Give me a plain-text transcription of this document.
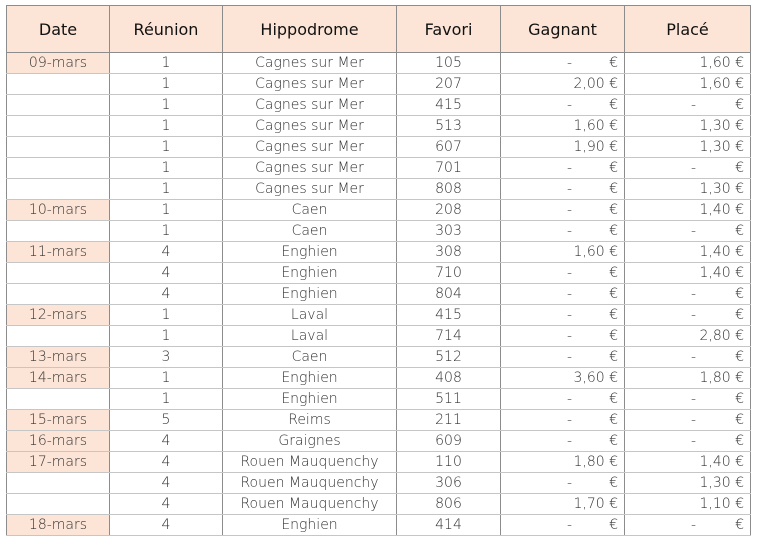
Date	Réunion	Hippodrome	Favori	Gagnant	Placé
09-mars	1	Cagnes sur Mer	105	- €	1,60 €
	1	Cagnes sur Mer	207	2,00 €	1,60 €
	1	Cagnes sur Mer	415	- €	- €
	1	Cagnes sur Mer	513	1,60 €	1,30 €
	1	Cagnes sur Mer	607	1,90 €	1,30 €
	1	Cagnes sur Mer	701	- €	- €
	1	Cagnes sur Mer	808	- €	1,30 €
10-mars	1	Caen	208	- €	1,40 €
	1	Caen	303	- €	- €
11-mars	4	Enghien	308	1,60 €	1,40 €
	4	Enghien	710	- €	1,40 €
	4	Enghien	804	- €	- €
12-mars	1	Laval	415	- €	- €
	1	Laval	714	- €	2,80 €
13-mars	3	Caen	512	- €	- €
14-mars	1	Enghien	408	3,60 €	1,80 €
	1	Enghien	511	- €	- €
15-mars	5	Reims	211	- €	- €
16-mars	4	Graignes	609	- €	- €
17-mars	4	Rouen Mauquenchy	110	1,80 €	1,40 €
	4	Rouen Mauquenchy	306	- €	1,30 €
	4	Rouen Mauquenchy	806	1,70 €	1,10 €
18-mars	4	Enghien	414	- €	- €
